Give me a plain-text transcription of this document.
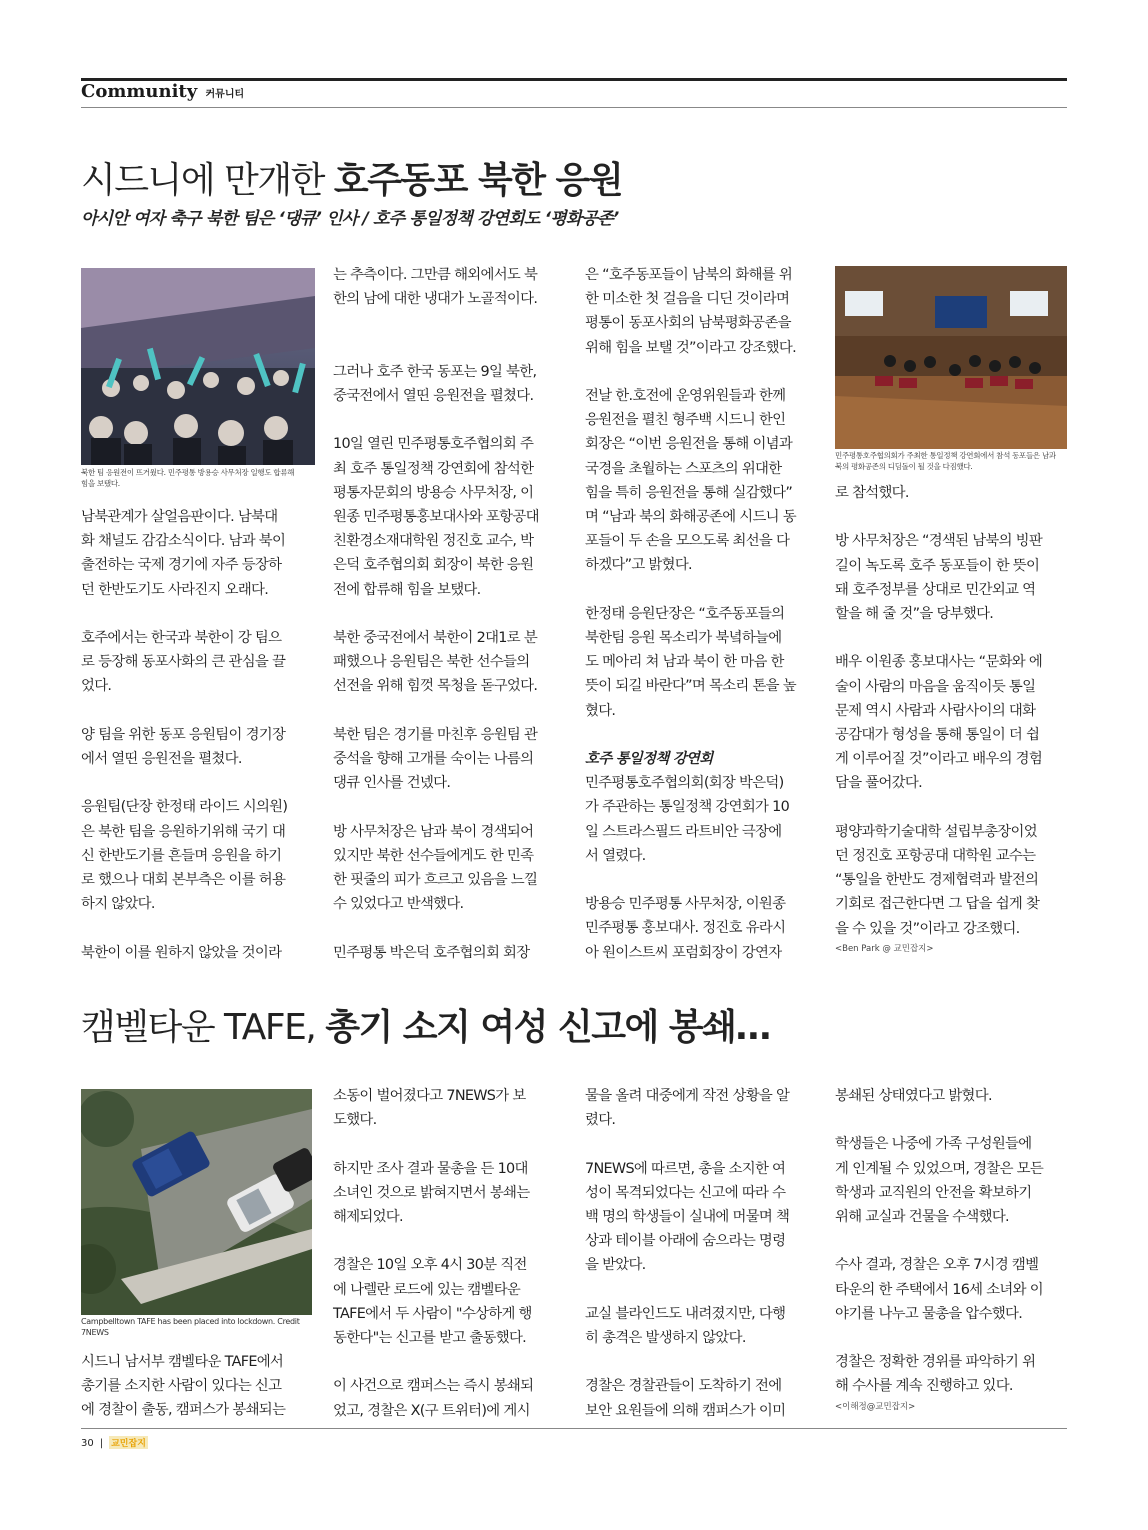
Community 커뮤니티
시드니에 만개한 호주동포 북한 응원
아시안 여자 축구 북한 팀은 ‘댕큐’ 인사 / 호주 통일정책 강연회도 ‘평화공존’

북한 팀 응원전이 뜨거웠다. 민주평통 방용승 사무처장 일행도 합류해

힘을 보탰다.

민주평통호주협의회가 주최한 통일정책 강연회에서 참석 동포들은 남과

북의 평화공존의 디딤돌이 될 것을 다짐했다.

남북관계가 살얼음판이다. 남북대

화 채널도 감감소식이다. 남과 북이

출전하는 국제 경기에 자주 등장하

던 한반도기도 사라진지 오래다.

호주에서는 한국과 북한이 강 팀으

로 등장해 동포사화의 큰 관심을 끌

었다.

양 팀을 위한 동포 응원팀이 경기장

에서 열띤 응원전을 펼쳤다.

응원팀(단장 한정태 라이드 시의원)

은 북한 팀을 응원하기위해 국기 대

신 한반도기를 흔들며 응원을 하기

로 했으나 대회 본부측은 이를 허용

하지 않았다.

북한이 이를 원하지 않았을 것이라

는 추측이다. 그만큼 해외에서도 북

한의 남에 대한 냉대가 노골적이다.

그러나 호주 한국 동포는 9일 북한,

중국전에서 열띤 응원전을 펼쳤다.

10일 열린 민주평통호주협의회 주

최 호주 통일정책 강연회에 참석한

평통자문회의 방용승 사무처장, 이

원종 민주평통홍보대사와 포항공대

친환경소재대학원 정진호 교수, 박

은덕 호주협의회 회장이 북한 응원

전에 합류해 힘을 보탰다.

북한 중국전에서 북한이 2대1로 분

패했으나 응원팀은 북한 선수들의

선전을 위해 힘껏 목청을 돋구었다.

북한 팀은 경기를 마친후 응원팀 관

중석을 향해 고개를 숙이는 나름의

댕큐 인사를 건넸다.

방 사무처장은 남과 북이 경색되어

있지만 북한 선수들에게도 한 민족

한 핏줄의 피가 흐르고 있음을 느낄

수 있었다고 반색했다.

민주평통 박은덕 호주협의회 회장

은 “호주동포들이 남북의 화해를 위

한 미소한 첫 걸음을 디딘 것이라며

평통이 동포사회의 남북평화공존을

위해 힘을 보탤 것”이라고 강조했다.

전날 한.호전에 운영위원들과 한께

응원전을 펼친 형주백 시드니 한인

회장은 “이번 응원전을 통해 이념과

국경을 초월하는 스포츠의 위대한

힘을 특히 응원전을 통해 실감했다”

며 “남과 북의 화해공존에 시드니 동

포들이 두 손을 모으도록 최선을 다

하겠다”고 밝혔다.

한정태 응원단장은 “호주동포들의

북한팀 응원 목소리가 북녘하늘에

도 메아리 쳐 남과 북이 한 마음 한

뜻이 되길 바란다”며 목소리 톤을 높

혔다.

호주 통일정책 강연회

민주평통호주협의회(회장 박은덕)

가 주관하는 통일정책 강연회가 10

일 스트라스필드 라트비안 극장에

서 열렸다.

방용승 민주평통 사무처장, 이원종

민주평통 홍보대사. 정진호 유라시

아 원이스트씨 포럼회장이 강연자

로 참석했다.

방 사무처장은 “경색된 남북의 빙판

길이 녹도록 호주 동포들이 한 뜻이

돼 호주정부를 상대로 민간외교 역

할을 해 줄 것”을 당부했다.

배우 이원종 홍보대사는 “문화와 에

술이 사람의 마음을 움직이듯 통일

문제 역시 사람과 사람사이의 대화

공감대가 형성을 통해 통일이 더 쉽

게 이루어질 것”이라고 배우의 경험

담을 풀어갔다.

평양과학기술대학 설립부총장이었

던 정진호 포항공대 대학원 교수는

“통일을 한반도 경제협력과 발전의

기회로 접근한다면 그 답을 쉽게 찾

을 수 있을 것”이라고 강조했디.

<Ben Park @ 교민잡지>

캠벨타운 TAFE, 총기 소지 여성 신고에 봉쇄…

Campbelltown TAFE has been placed into lockdown. Credit

7NEWS

시드니 남서부 캠벨타운 TAFE에서

총기를 소지한 사람이 있다는 신고

에 경찰이 출동, 캠퍼스가 봉쇄되는

소동이 벌어졌다고 7NEWS가 보

도했다.

하지만 조사 결과 물총을 든 10대

소녀인 것으로 밝혀지면서 봉쇄는

해제되었다.

경찰은 10일 오후 4시 30분 직전

에 나렐란 로드에 있는 캠벨타운

TAFE에서 두 사람이 "수상하게 행

동한다"는 신고를 받고 출동했다.

이 사건으로 캠퍼스는 즉시 봉쇄되

었고, 경찰은 X(구 트위터)에 게시

물을 올려 대중에게 작전 상황을 알

렸다.

7NEWS에 따르면, 총을 소지한 여

성이 목격되었다는 신고에 따라 수

백 명의 학생들이 실내에 머물며 책

상과 테이블 아래에 숨으라는 명령

을 받았다.

교실 블라인드도 내려졌지만, 다행

히 총격은 발생하지 않았다.

경찰은 경찰관들이 도착하기 전에

보안 요원들에 의해 캠퍼스가 이미

봉쇄된 상태였다고 밝혔다.

학생들은 나중에 가족 구성원들에

게 인계될 수 있었으며, 경찰은 모든

학생과 교직원의 안전을 확보하기

위해 교실과 건물을 수색했다.

수사 결과, 경찰은 오후 7시경 캠벨

타운의 한 주택에서 16세 소녀와 이

야기를 나누고 물총을 압수했다.

경찰은 정확한 경위를 파악하기 위

해 수사를 계속 진행하고 있다.

<이해정@교민잡지>

30 | 교민잡지
